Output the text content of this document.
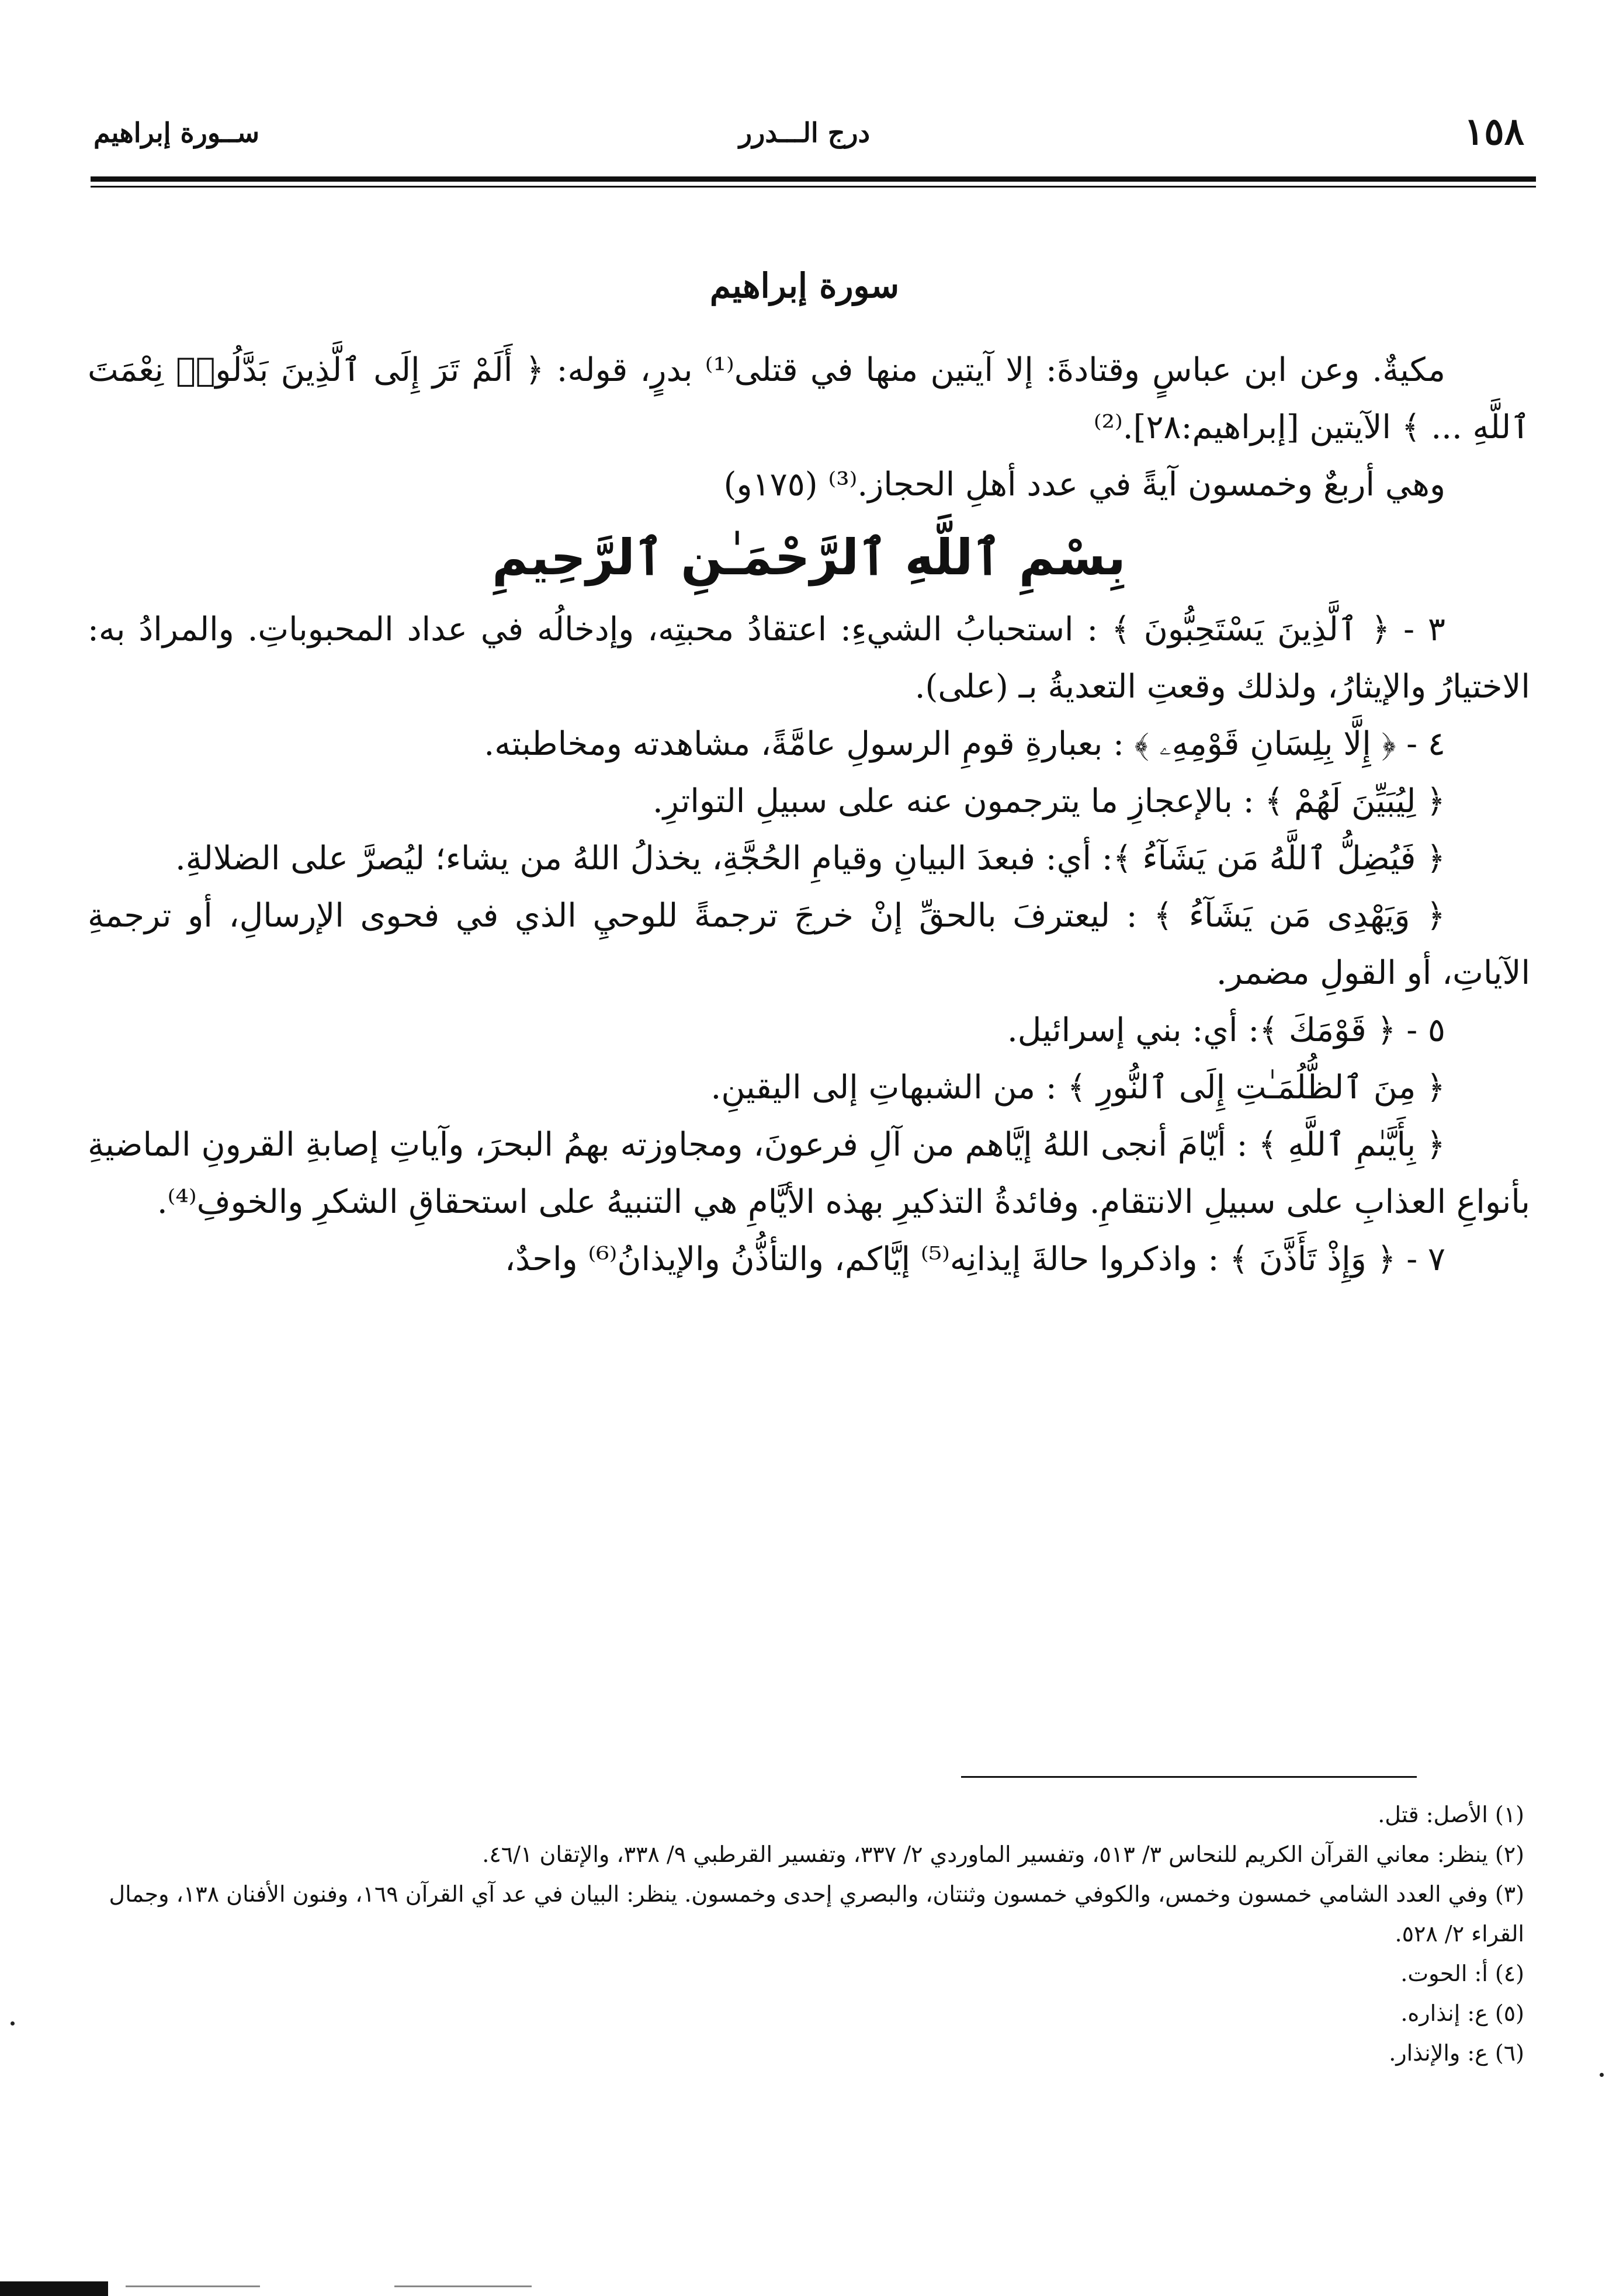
١٥٨
درج الـــدرر
ســورة إبراهيم
سورة إبراهيم

مكيةٌ. وعن ابن عباسٍ وقتادةَ: إلا آيتين منها في قتلى⁽¹⁾ بدرٍ، قوله: ﴿ أَلَمْ تَرَ إِلَى ٱلَّذِينَ بَدَّلُوا۟ نِعْمَتَ ٱللَّهِ ... ﴾ الآيتين [إبراهيم:٢٨].⁽²⁾

وهي أربعٌ وخمسون آيةً في عدد أهلِ الحجاز.⁽³⁾ (١٧٥و)

بِسْمِ ٱللَّهِ ٱلرَّحْمَـٰنِ ٱلرَّحِيمِ

٣ - ﴿ ٱلَّذِينَ يَسْتَحِبُّونَ ﴾ : استحبابُ الشيءِ: اعتقادُ محبتِه، وإدخالُه في عداد المحبوباتِ. والمرادُ به: الاختيارُ والإيثارُ، ولذلك وقعتِ التعديةُ بـ (على).

٤ - ﴿ إِلَّا بِلِسَانِ قَوْمِهِۦ ﴾ : بعبارةِ قومِ الرسولِ عامَّةً، مشاهدته ومخاطبته.

﴿ لِيُبَيِّنَ لَهُمْ ﴾ : بالإعجازِ ما يترجمون عنه على سبيلِ التواترِ.

﴿ فَيُضِلُّ ٱللَّهُ مَن يَشَآءُ ﴾: أي: فبعدَ البيانِ وقيامِ الحُجَّةِ، يخذلُ اللهُ من يشاء؛ ليُصرَّ على الضلالةِ.

﴿ وَيَهْدِى مَن يَشَآءُ ﴾ : ليعترفَ بالحقِّ إنْ خرجَ ترجمةً للوحيِ الذي في فحوى الإرسالِ، أو ترجمةِ الآياتِ، أو القولِ مضمر.

٥ - ﴿ قَوْمَكَ ﴾: أي: بني إسرائيل.

﴿ مِنَ ٱلظُّلُمَـٰتِ إِلَى ٱلنُّورِ ﴾ : من الشبهاتِ إلى اليقينِ.

﴿ بِأَيَّىٰمِ ٱللَّهِ ﴾ : أيّامَ أنجى اللهُ إيَّاهم من آلِ فرعونَ، ومجاوزته بهمُ البحرَ، وآياتِ إصابةِ القرونِ الماضيةِ بأنواعِ العذابِ على سبيلِ الانتقامِ. وفائدةُ التذكيرِ بهذه الأيَّامِ هي التنبيهُ على استحقاقِ الشكرِ والخوفِ⁽⁴⁾.

٧ - ﴿ وَإِذْ تَأَذَّنَ ﴾ : واذكروا حالةَ إيذانِه⁽⁵⁾ إيَّاكم، والتأذُّنُ والإيذانُ⁽⁶⁾ واحدٌ،

(١) الأصل: قتل.

(٢) ينظر: معاني القرآن الكريم للنحاس ٣/ ٥١٣، وتفسير الماوردي ٢/ ٣٣٧، وتفسير القرطبي ٩/ ٣٣٨، والإتقان ٤٦/١.

(٣) وفي العدد الشامي خمسون وخمس، والكوفي خمسون وثنتان، والبصري إحدى وخمسون. ينظر: البيان في عد آي القرآن ١٦٩، وفنون الأفنان ١٣٨، وجمال القراء ٢/ ٥٢٨.

(٤) أ: الحوت.

(٥) ع: إنذاره.

(٦) ع: والإنذار.
